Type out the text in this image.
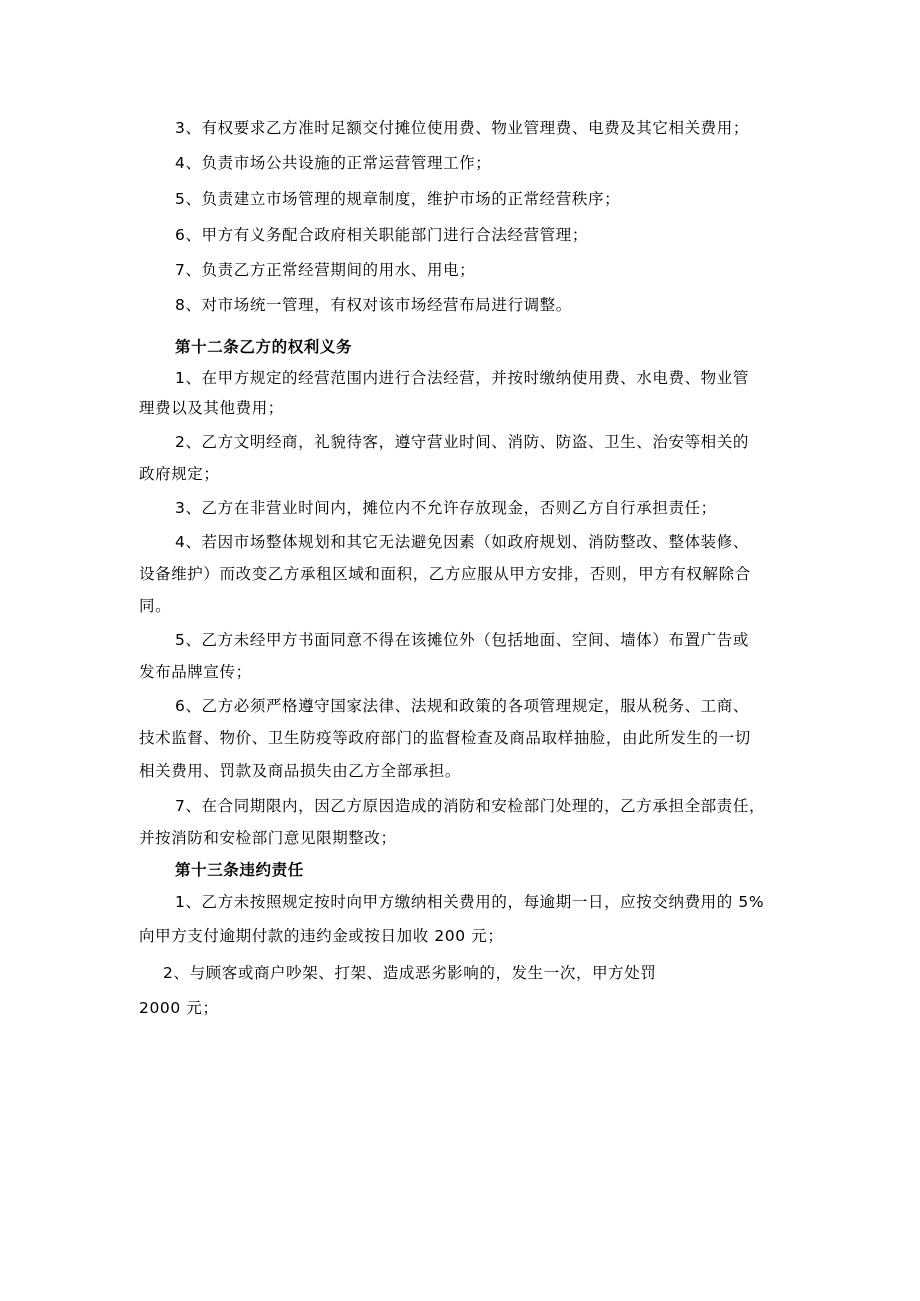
3、有权要求乙方准时足额交付摊位使用费、物业管理费、电费及其它相关费用；
4、负责市场公共设施的正常运营管理工作；
5、负责建立市场管理的规章制度，维护市场的正常经营秩序；
6、甲方有义务配合政府相关职能部门进行合法经营管理；
7、负责乙方正常经营期间的用水、用电；
8、对市场统一管理，有权对该市场经营布局进行调整。
第十二条乙方的权利义务
1、在甲方规定的经营范围内进行合法经营，并按时缴纳使用费、水电费、物业管
理费以及其他费用；
2、乙方文明经商，礼貌待客，遵守营业时间、消防、防盗、卫生、治安等相关的
政府规定；
3、乙方在非营业时间内，摊位内不允许存放现金，否则乙方自行承担责任；
4、若因市场整体规划和其它无法避免因素（如政府规划、消防整改、整体装修、
设备维护）而改变乙方承租区域和面积，乙方应服从甲方安排，否则，甲方有权解除合
同。
5、乙方未经甲方书面同意不得在该摊位外（包括地面、空间、墙体）布置广告或
发布品牌宣传；
6、乙方必须严格遵守国家法律、法规和政策的各项管理规定，服从税务、工商、
技术监督、物价、卫生防疫等政府部门的监督检查及商品取样抽脸，由此所发生的一切
相关费用、罚款及商品损失由乙方全部承担。
7、在合同期限内，因乙方原因造成的消防和安检部门处理的，乙方承担全部责任，
并按消防和安检部门意见限期整改；
第十三条违约责任
1、乙方未按照规定按时向甲方缴纳相关费用的，每逾期一日，应按交纳费用的 5%
向甲方支付逾期付款的违约金或按日加收 200 元；
2、与顾客或商户吵架、打架、造成恶劣影响的，发生一次，甲方处罚
2000 元；
